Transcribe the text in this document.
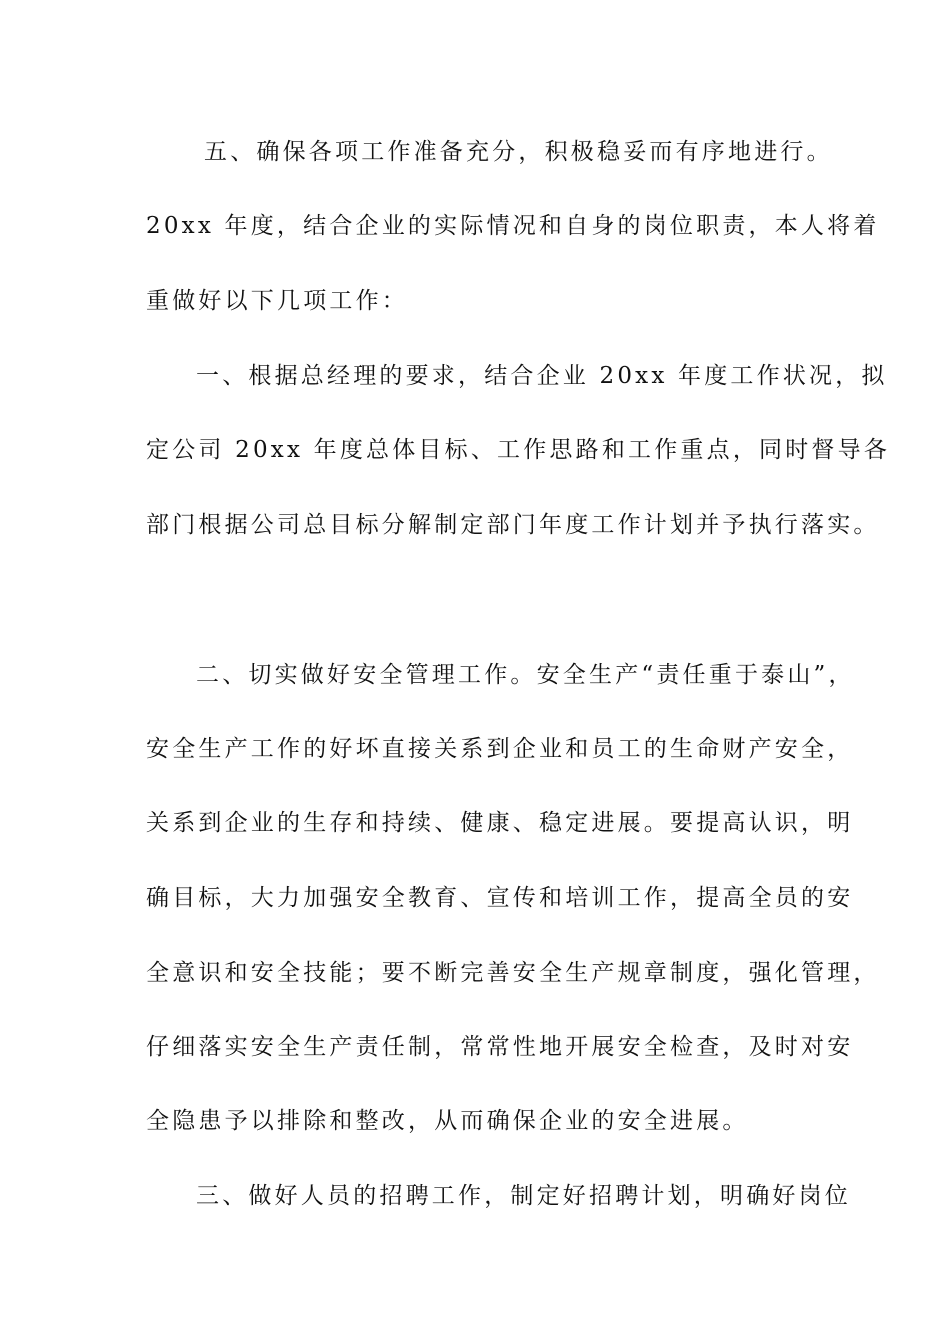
五、确保各项工作准备充分，积极稳妥而有序地进行。
20xx 年度，结合企业的实际情况和自身的岗位职责，本人将着
重做好以下几项工作：
一、根据总经理的要求，结合企业 20xx 年度工作状况，拟
定公司 20xx 年度总体目标、工作思路和工作重点，同时督导各
部门根据公司总目标分解制定部门年度工作计划并予执行落实。
二、切实做好安全管理工作。安全生产“责任重于泰山”，
安全生产工作的好坏直接关系到企业和员工的生命财产安全，
关系到企业的生存和持续、健康、稳定进展。要提高认识，明
确目标，大力加强安全教育、宣传和培训工作，提高全员的安
全意识和安全技能；要不断完善安全生产规章制度，强化管理，
仔细落实安全生产责任制，常常性地开展安全检查，及时对安
全隐患予以排除和整改，从而确保企业的安全进展。
三、做好人员的招聘工作，制定好招聘计划，明确好岗位
